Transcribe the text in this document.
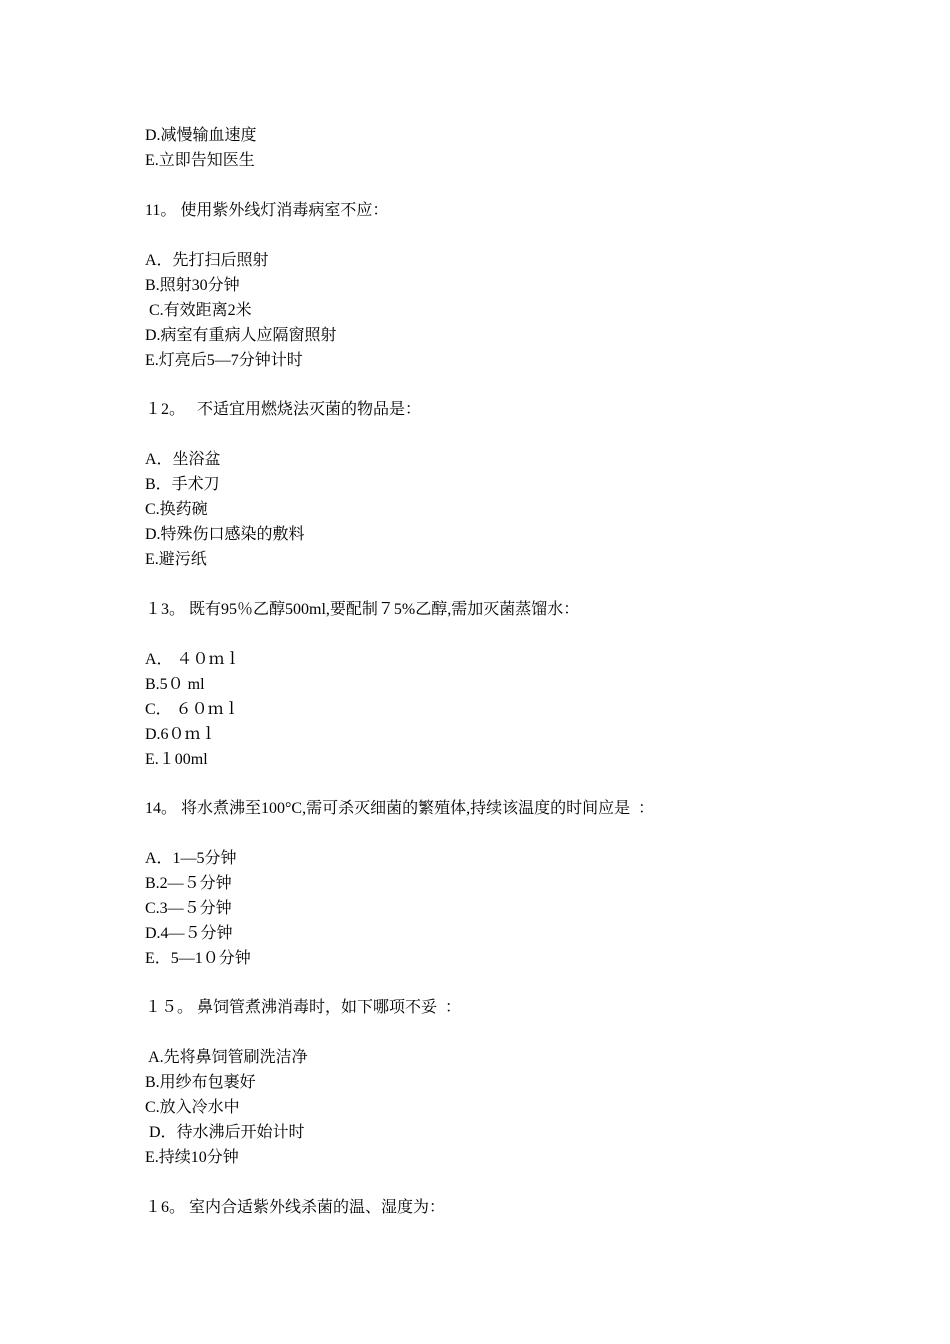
D.减慢输血速度
E.立即告知医生
11。 使用紫外线灯消毒病室不应：
A．先打扫后照射
B.照射30分钟
C.有效距离2米
D.病室有重病人应隔窗照射
E.灯亮后5—7分钟计时
１2。   不适宜用燃烧法灭菌的物品是：
A．坐浴盆
B．手术刀
C.换药碗
D.特殊伤口感染的敷料
E.避污纸
１3。 既有95％乙醇500ml,要配制７5%乙醇,需加灭菌蒸馏水：
A． ４０ｍｌ
B.5０ ml
C． ６０ｍｌ
D.6０ｍｌ
E.１00ml
14。 将水煮沸至100°C,需可杀灭细菌的繁殖体,持续该温度的时间应是  ：
A．1—5分钟
B.2—５分钟
C.3—５分钟
D.4—５分钟
E．5—1０分钟
１５。 鼻饲管煮沸消毒时，如下哪项不妥  ：
A.先将鼻饲管刷洗洁净
B.用纱布包裹好
C.放入冷水中
D．待水沸后开始计时
E.持续10分钟
１6。 室内合适紫外线杀菌的温、湿度为：
